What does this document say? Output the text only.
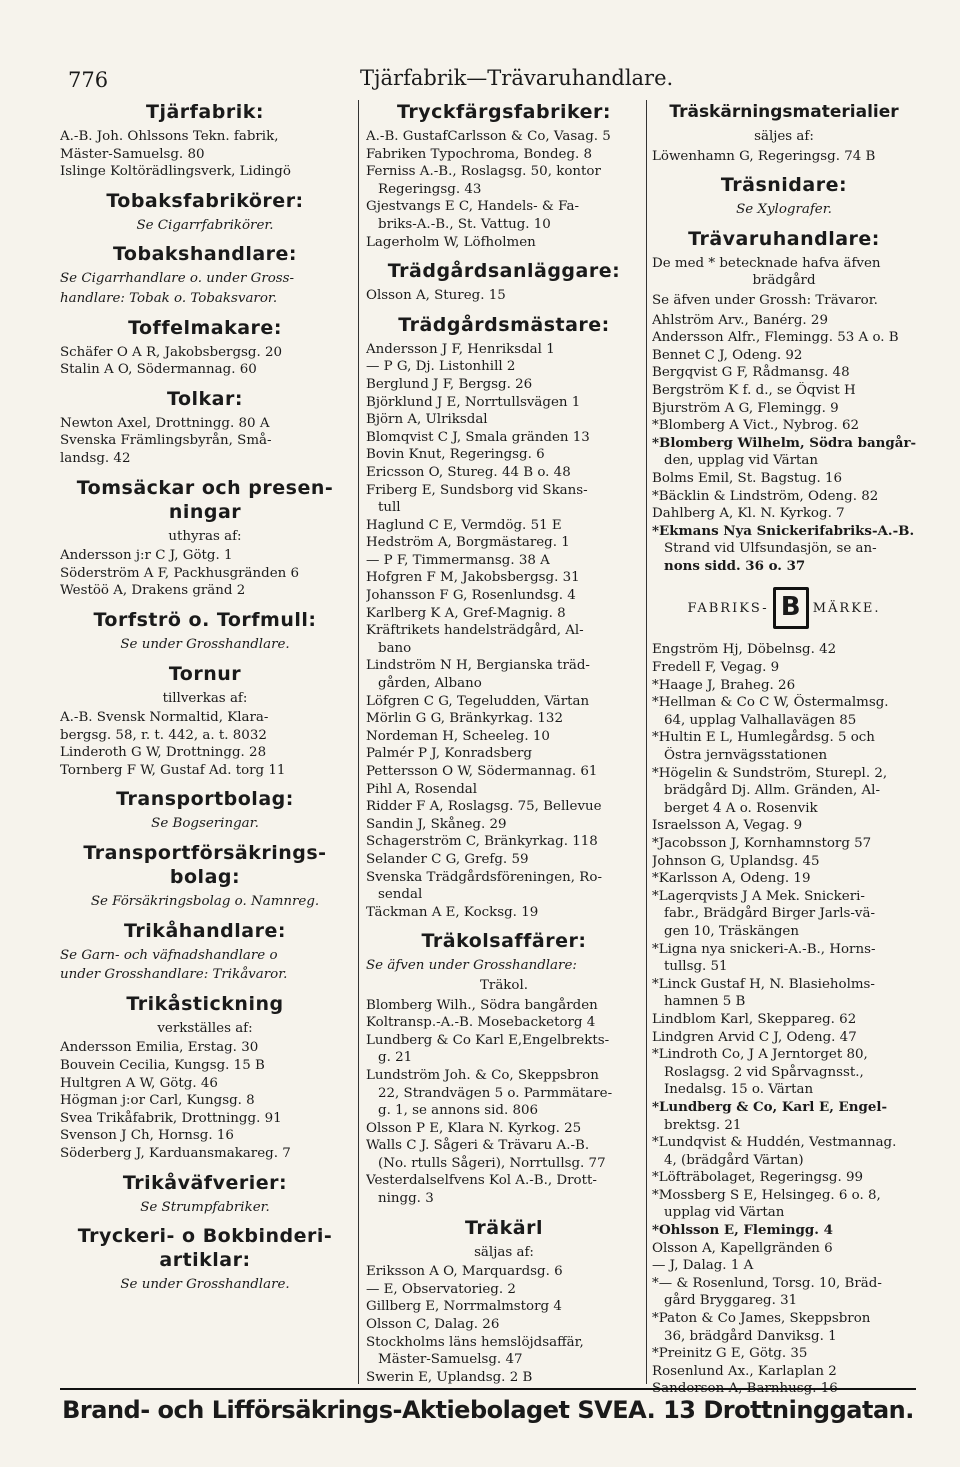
776	Tjärfabrik—Trävaruhandlare.
Tjärfabrik:
A.-B. Joh. Ohlssons Tekn. fabrik,
Mäster-Samuelsg. 80
Islinge Koltörädlingsverk, Lidingö
Tobaksfabrikörer:
Se Cigarrfabrikörer.
Tobakshandlare:
Se Cigarrhandlare o. under Gross-
handlare: Tobak o. Tobaksvaror.
Toffelmakare:
Schäfer O A R, Jakobsbergsg. 20
Stalin A O, Södermannag. 60
Tolkar:
Newton Axel, Drottningg. 80 A
Svenska Främlingsbyrån, Små-
landsg. 42
Tomsäckar och presen-
ningar
uthyras af:
Andersson j:r C J, Götg. 1
Söderström A F, Packhusgränden 6
Westöö A, Drakens gränd 2
Torfströ o. Torfmull:
Se under Grosshandlare.
Tornur
tillverkas af:
A.-B. Svensk Normaltid, Klara-
bergsg. 58, r. t. 442, a. t. 8032
Linderoth G W, Drottningg. 28
Tornberg F W, Gustaf Ad. torg 11
Transportbolag:
Se Bogseringar.
Transportförsäkrings-
bolag:
Se Försäkringsbolag o. Namnreg.
Trikåhandlare:
Se Garn- och väfnadshandlare o
under Grosshandlare: Trikåvaror.
Trikåstickning
verkställes af:
Andersson Emilia, Erstag. 30
Bouvein Cecilia, Kungsg. 15 B
Hultgren A W, Götg. 46
Högman j:or Carl, Kungsg. 8
Svea Trikåfabrik, Drottningg. 91
Svenson J Ch, Hornsg. 16
Söderberg J, Karduansmakareg. 7
Trikåväfverier:
Se Strumpfabriker.
Tryckeri- o Bokbinderi-
artiklar:
Se under Grosshandlare.
Tryckfärgsfabriker:
A.-B. GustafCarlsson & Co, Vasag. 5
Fabriken Typochroma, Bondeg. 8
Ferniss A.-B., Roslagsg. 50, kontor
Regeringsg. 43
Gjestvangs E C, Handels- & Fa-
briks-A.-B., St. Vattug. 10
Lagerholm W, Löfholmen
Trädgårdsanläggare:
Olsson A, Stureg. 15
Trädgårdsmästare:
Andersson J F, Henriksdal 1
— P G, Dj. Listonhill 2
Berglund J F, Bergsg. 26
Björklund J E, Norrtullsvägen 1
Björn A, Ulriksdal
Blomqvist C J, Smala gränden 13
Bovin Knut, Regeringsg. 6
Ericsson O, Stureg. 44 B o. 48
Friberg E, Sundsborg vid Skans-
tull
Haglund C E, Vermdög. 51 E
Hedström A, Borgmästareg. 1
— P F, Timmermansg. 38 A
Hofgren F M, Jakobsbergsg. 31
Johansson F G, Rosenlundsg. 4
Karlberg K A, Gref-Magnig. 8
Kräftrikets handelsträdgård, Al-
bano
Lindström N H, Bergianska träd-
gården, Albano
Löfgren C G, Tegeludden, Värtan
Mörlin G G, Bränkyrkag. 132
Nordeman H, Scheeleg. 10
Palmér P J, Konradsberg
Pettersson O W, Södermannag. 61
Pihl A, Rosendal
Ridder F A, Roslagsg. 75, Bellevue
Sandin J, Skåneg. 29
Schagerström C, Bränkyrkag. 118
Selander C G, Grefg. 59
Svenska Trädgårdsföreningen, Ro-
sendal
Täckman A E, Kocksg. 19
Träkolsaffärer:
Se äfven under Grosshandlare:
Träkol.
Blomberg Wilh., Södra bangården
Koltransp.-A.-B. Mosebacketorg 4
Lundberg & Co Karl E,Engelbrekts-
g. 21
Lundström Joh. & Co, Skeppsbron
22, Strandvägen 5 o. Parmmätare-
g. 1, se annons sid. 806
Olsson P E, Klara N. Kyrkog. 25
Walls C J. Sågeri & Trävaru A.-B.
(No. rtulls Sågeri), Norrtullsg. 77
Vesterdalselfvens Kol A.-B., Drott-
ningg. 3
Träkärl
säljas af:
Eriksson A O, Marquardsg. 6
— E, Observatorieg. 2
Gillberg E, Norrmalmstorg 4
Olsson C, Dalag. 26
Stockholms läns hemslöjdsaffär,
Mäster-Samuelsg. 47
Swerin E, Uplandsg. 2 B
Träskärningsmaterialier
säljes af:
Löwenhamn G, Regeringsg. 74 B
Träsnidare:
Se Xylografer.
Trävaruhandlare:
De med * betecknade hafva äfven
brädgård
Se äfven under Grossh: Trävaror.
Ahlström Arv., Banérg. 29
Andersson Alfr., Flemingg. 53 A o. B
Bennet C J, Odeng. 92
Bergqvist G F, Rådmansg. 48
Bergström K f. d., se Öqvist H
Bjurström A G, Flemingg. 9
*Blomberg A Vict., Nybrog. 62
*Blomberg Wilhelm, Södra bangår-
den, upplag vid Värtan
Bolms Emil, St. Bagstug. 16
*Bäcklin & Lindström, Odeng. 82
Dahlberg A, Kl. N. Kyrkog. 7
*Ekmans Nya Snickerifabriks-A.-B.
Strand vid Ulfsundasjön, se an-
nons sidd. 36 o. 37
FABRIKS- B MÄRKE.
Engström Hj, Döbelnsg. 42
Fredell F, Vegag. 9
*Haage J, Braheg. 26
*Hellman & Co C W, Östermalmsg.
64, upplag Valhallavägen 85
*Hultin E L, Humlegårdsg. 5 och
Östra jernvägsstationen
*Högelin & Sundström, Sturepl. 2,
brädgård Dj. Allm. Gränden, Al-
berget 4 A o. Rosenvik
Israelsson A, Vegag. 9
*Jacobsson J, Kornhamnstorg 57
Johnson G, Uplandsg. 45
*Karlsson A, Odeng. 19
*Lagerqvists J A Mek. Snickeri-
fabr., Brädgård Birger Jarls-vä-
gen 10, Träskängen
*Ligna nya snickeri-A.-B., Horns-
tullsg. 51
*Linck Gustaf H, N. Blasieholms-
hamnen 5 B
Lindblom Karl, Skeppareg. 62
Lindgren Arvid C J, Odeng. 47
*Lindroth Co, J A Jerntorget 80,
Roslagsg. 2 vid Spårvagnsst.,
Inedalsg. 15 o. Värtan
*Lundberg & Co, Karl E, Engel-
brektsg. 21
*Lundqvist & Huddén, Vestmannag.
4, (brädgård Värtan)
*Löfträbolaget, Regeringsg. 99
*Mossberg S E, Helsingeg. 6 o. 8,
upplag vid Värtan
*Ohlsson E, Flemingg. 4
Olsson A, Kapellgränden 6
— J, Dalag. 1 A
*— & Rosenlund, Torsg. 10, Bräd-
gård Bryggareg. 31
*Paton & Co James, Skeppsbron
36, brädgård Danviksg. 1
*Preinitz G E, Götg. 35
Rosenlund Ax., Karlaplan 2
Sanderson A, Barnhusg. 16
Brand- och Lifförsäkrings-Aktiebolaget SVEA. 13 Drottninggatan.
